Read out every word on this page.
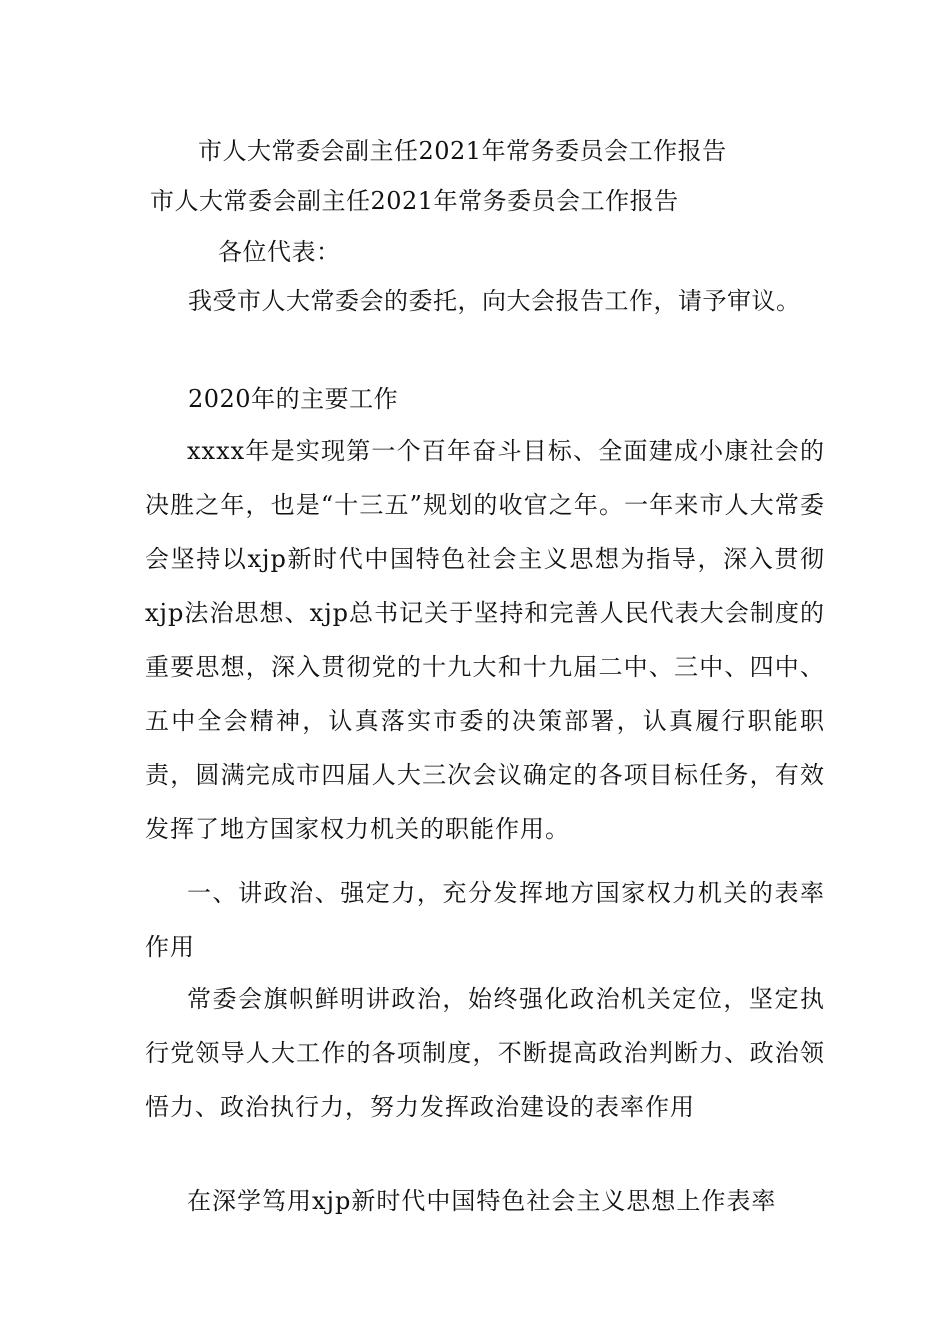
市人大常委会副主任2021年常务委员会工作报告
市人大常委会副主任2021年常务委员会工作报告
各位代表：
我受市人大常委会的委托，向大会报告工作，请予审议。
2020年的主要工作
xxxx年是实现第一个百年奋斗目标、全面建成小康社会的决胜之年，也是“十三五”规划的收官之年。一年来市人大常委会坚持以xjp新时代中国特色社会主义思想为指导，深入贯彻xjp法治思想、xjp总书记关于坚持和完善人民代表大会制度的重要思想，深入贯彻党的十九大和十九届二中、三中、四中、五中全会精神，认真落实市委的决策部署，认真履行职能职责，圆满完成市四届人大三次会议确定的各项目标任务，有效发挥了地方国家权力机关的职能作用。
一、讲政治、强定力，充分发挥地方国家权力机关的表率作用
常委会旗帜鲜明讲政治，始终强化政治机关定位，坚定执行党领导人大工作的各项制度，不断提高政治判断力、政治领悟力、政治执行力，努力发挥政治建设的表率作用
在深学笃用xjp新时代中国特色社会主义思想上作表率
